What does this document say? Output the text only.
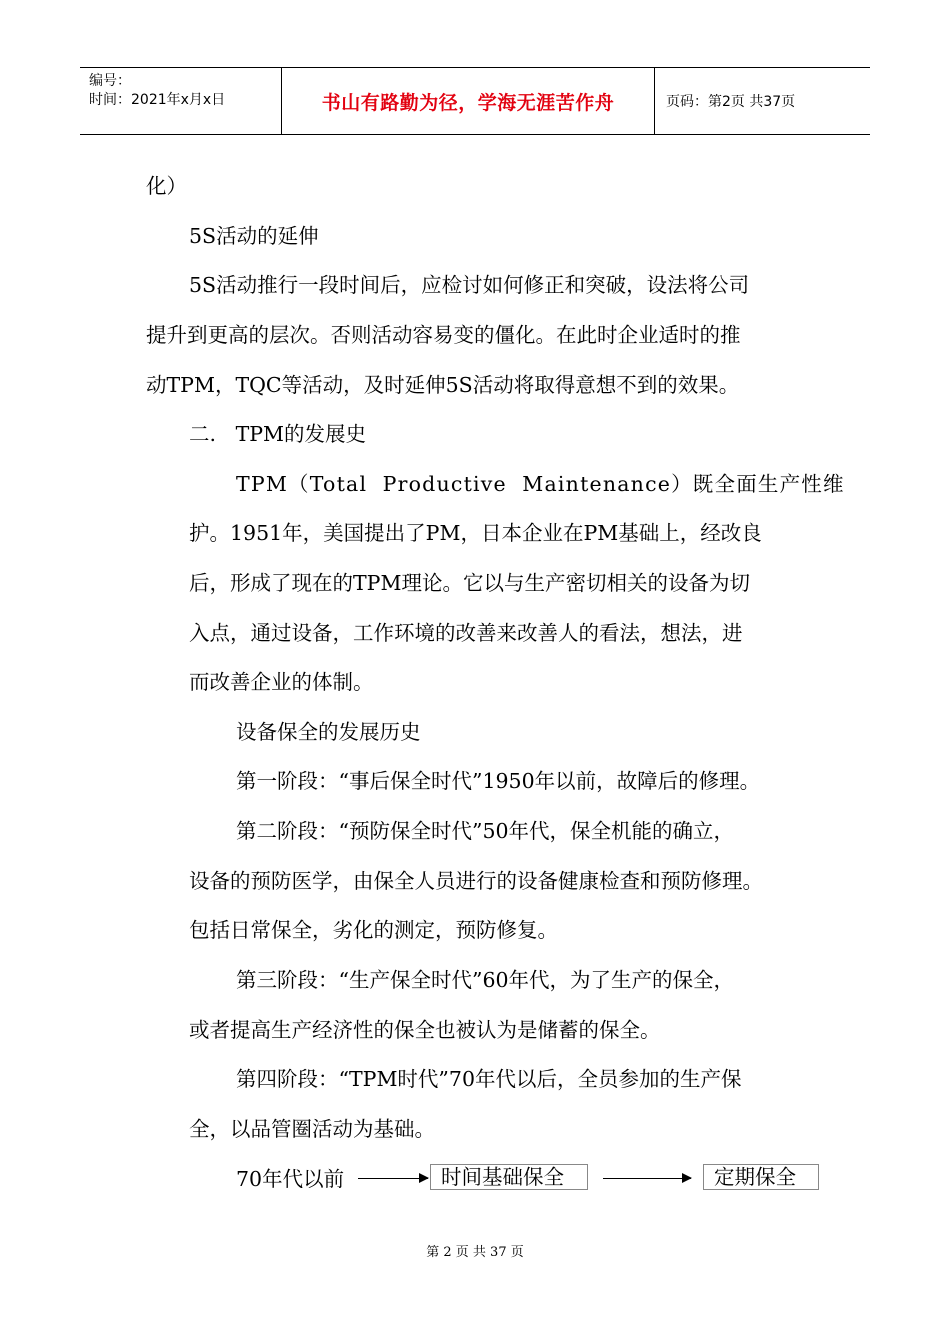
编号：
时间：2021年x月x日	书山有路勤为径，学海无涯苦作舟	页码：第2页 共37页

化）

5S活动的延伸

5S活动推行一段时间后，应检讨如何修正和突破，设法将公司

提升到更高的层次。否则活动容易变的僵化。在此时企业适时的推

动TPM，TQC等活动，及时延伸5S活动将取得意想不到的效果。

二.   TPM的发展史

TPM（Total  Productive  Maintenance）既全面生产性维

护。1951年，美国提出了PM，日本企业在PM基础上，经改良

后，形成了现在的TPM理论。它以与生产密切相关的设备为切

入点，通过设备，工作环境的改善来改善人的看法，想法，进

而改善企业的体制。

设备保全的发展历史

第一阶段：“事后保全时代”1950年以前，故障后的修理。

第二阶段：“预防保全时代”50年代，保全机能的确立，

设备的预防医学，由保全人员进行的设备健康检查和预防修理。

包括日常保全，劣化的测定，预防修复。

第三阶段：“生产保全时代”60年代，为了生产的保全，

或者提高生产经济性的保全也被认为是储蓄的保全。

第四阶段：“TPM时代”70年代以后，全员参加的生产保

全，以品管圈活动为基础。

70年代以前	时间基础保全	定期保全
第 2 页 共 37 页
